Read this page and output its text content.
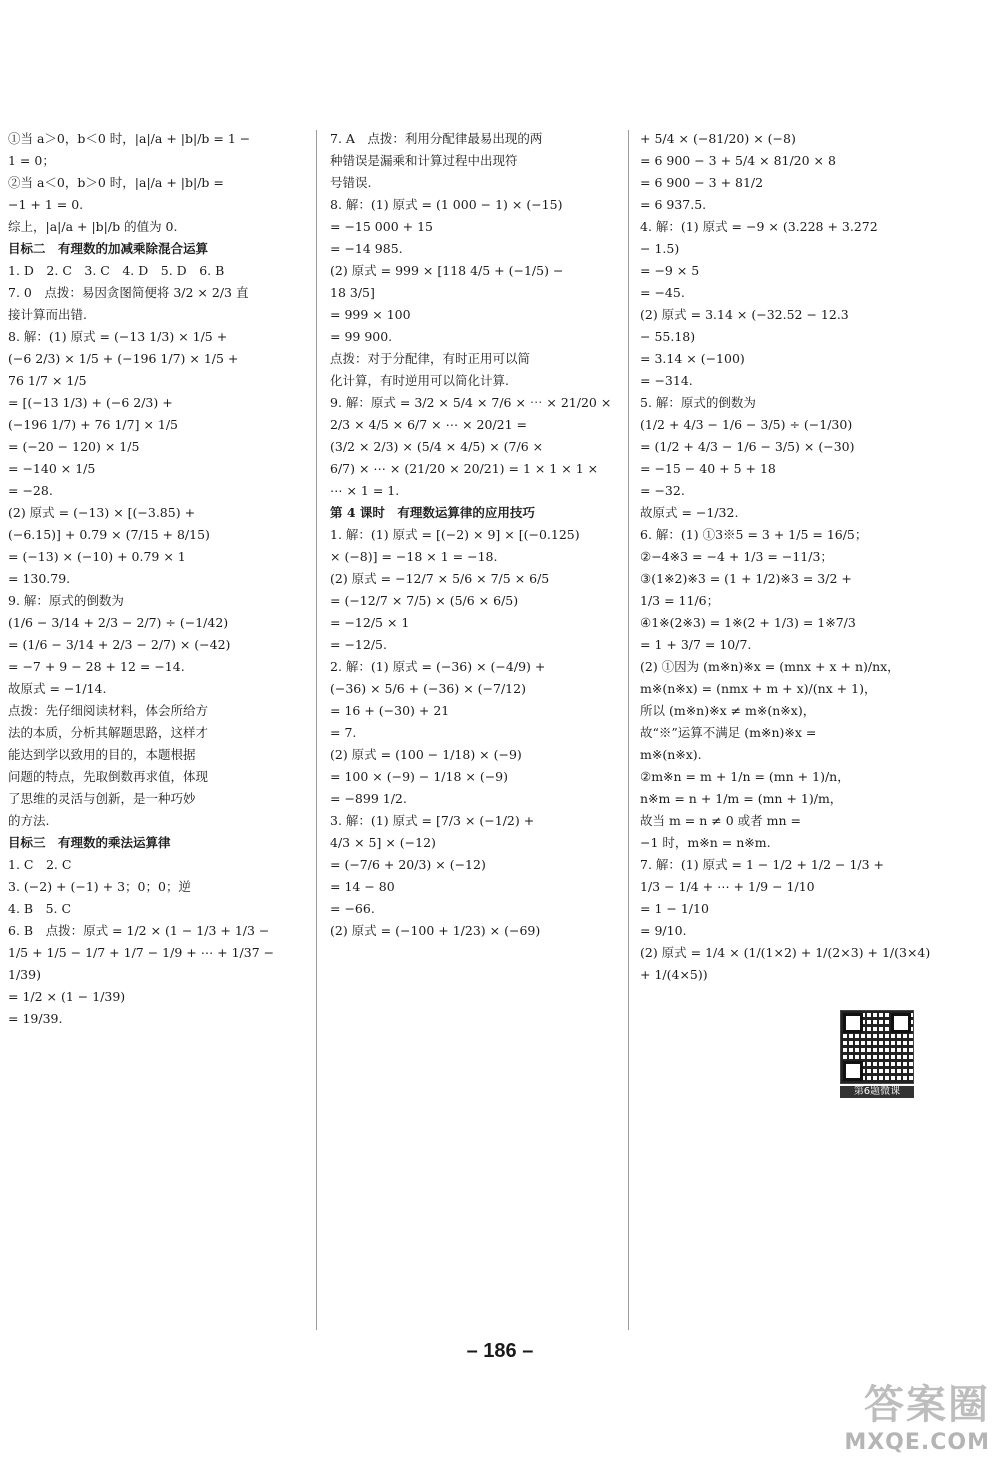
①当 a＞0，b＜0 时，|a|/a + |b|/b = 1 −

1 = 0；

②当 a＜0，b＞0 时，|a|/a + |b|/b =

−1 + 1 = 0.

综上，|a|/a + |b|/b 的值为 0.

目标二　有理数的加减乘除混合运算

1. D　2. C　3. C　4. D　5. D　6. B

7. 0　点拨：易因贪图简便将 3/2 × 2/3 直

接计算而出错.

8. 解：(1) 原式 = (−13 1/3) × 1/5 +

(−6 2/3) × 1/5 + (−196 1/7) × 1/5 +

76 1/7 × 1/5

= [(−13 1/3) + (−6 2/3) +

(−196 1/7) + 76 1/7] × 1/5

= (−20 − 120) × 1/5

= −140 × 1/5

= −28.

(2) 原式 = (−13) × [(−3.85) +

(−6.15)] + 0.79 × (7/15 + 8/15)

= (−13) × (−10) + 0.79 × 1

= 130.79.

9. 解：原式的倒数为

(1/6 − 3/14 + 2/3 − 2/7) ÷ (−1/42)

= (1/6 − 3/14 + 2/3 − 2/7) × (−42)

= −7 + 9 − 28 + 12 = −14.

故原式 = −1/14.

点拨：先仔细阅读材料，体会所给方

法的本质，分析其解题思路，这样才

能达到学以致用的目的，本题根据

问题的特点，先取倒数再求值，体现

了思维的灵活与创新，是一种巧妙

的方法.

目标三　有理数的乘法运算律

1. C　2. C

3. (−2) + (−1) + 3；0；0；逆

4. B　5. C

6. B　点拨：原式 = 1/2 × (1 − 1/3 + 1/3 −

1/5 + 1/5 − 1/7 + 1/7 − 1/9 + ⋯ + 1/37 −

1/39)

= 1/2 × (1 − 1/39)

= 19/39.

7. A　点拨：利用分配律最易出现的两

种错误是漏乘和计算过程中出现符

号错误.

8. 解：(1) 原式 = (1 000 − 1) × (−15)

= −15 000 + 15

= −14 985.

(2) 原式 = 999 × [118 4/5 + (−1/5) −

18 3/5]

= 999 × 100

= 99 900.

点拨：对于分配律，有时正用可以简

化计算，有时逆用可以简化计算.

9. 解：原式 = 3/2 × 5/4 × 7/6 × ⋯ × 21/20 ×

2/3 × 4/5 × 6/7 × ⋯ × 20/21 =

(3/2 × 2/3) × (5/4 × 4/5) × (7/6 ×

6/7) × ⋯ × (21/20 × 20/21) = 1 × 1 × 1 ×

⋯ × 1 = 1.

第 4 课时　有理数运算律的应用技巧

1. 解：(1) 原式 = [(−2) × 9] × [(−0.125)

× (−8)] = −18 × 1 = −18.

(2) 原式 = −12/7 × 5/6 × 7/5 × 6/5

= (−12/7 × 7/5) × (5/6 × 6/5)

= −12/5 × 1

= −12/5.

2. 解：(1) 原式 = (−36) × (−4/9) +

(−36) × 5/6 + (−36) × (−7/12)

= 16 + (−30) + 21

= 7.

(2) 原式 = (100 − 1/18) × (−9)

= 100 × (−9) − 1/18 × (−9)

= −899 1/2.

3. 解：(1) 原式 = [7/3 × (−1/2) +

4/3 × 5] × (−12)

= (−7/6 + 20/3) × (−12)

= 14 − 80

= −66.

(2) 原式 = (−100 + 1/23) × (−69)

+ 5/4 × (−81/20) × (−8)

= 6 900 − 3 + 5/4 × 81/20 × 8

= 6 900 − 3 + 81/2

= 6 937.5.

4. 解：(1) 原式 = −9 × (3.228 + 3.272

− 1.5)

= −9 × 5

= −45.

(2) 原式 = 3.14 × (−32.52 − 12.3

− 55.18)

= 3.14 × (−100)

= −314.

5. 解：原式的倒数为

(1/2 + 4/3 − 1/6 − 3/5) ÷ (−1/30)

= (1/2 + 4/3 − 1/6 − 3/5) × (−30)

= −15 − 40 + 5 + 18

= −32.

故原式 = −1/32.

6. 解：(1) ①3※5 = 3 + 1/5 = 16/5；

②−4※3 = −4 + 1/3 = −11/3；

③(1※2)※3 = (1 + 1/2)※3 = 3/2 +

1/3 = 11/6；

④1※(2※3) = 1※(2 + 1/3) = 1※7/3

= 1 + 3/7 = 10/7.

(2) ①因为 (m※n)※x = (mnx + x + n)/nx，

m※(n※x) = (nmx + m + x)/(nx + 1)，

所以 (m※n)※x ≠ m※(n※x)，

故“※”运算不满足 (m※n)※x =

m※(n※x).

②m※n = m + 1/n = (mn + 1)/n，

n※m = n + 1/m = (mn + 1)/m，

故当 m = n ≠ 0 或者 mn =

−1 时，m※n = n※m.

7. 解：(1) 原式 = 1 − 1/2 + 1/2 − 1/3 +

1/3 − 1/4 + ⋯ + 1/9 − 1/10

= 1 − 1/10

= 9/10.

(2) 原式 = 1/4 × (1/(1×2) + 1/(2×3) + 1/(3×4)

+ 1/(4×5))

第6题微课
– 186 –
答案圈
MXQE.COM
